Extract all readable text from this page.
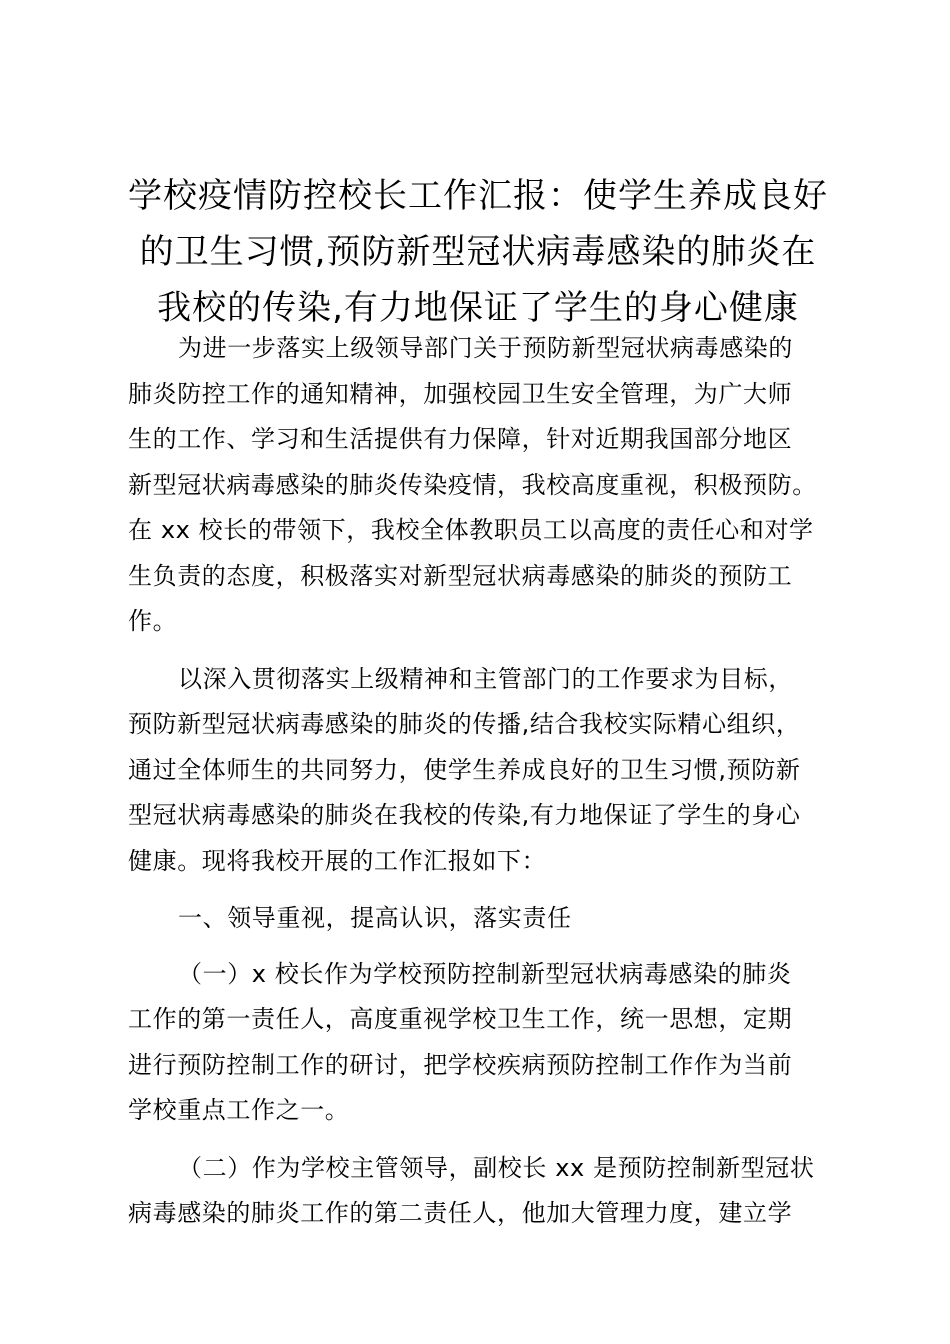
学校疫情防控校长工作汇报：使学生养成良好
的卫生习惯,预防新型冠状病毒感染的肺炎在
我校的传染,有力地保证了学生的身心健康

为进一步落实上级领导部门关于预防新型冠状病毒感染的
肺炎防控工作的通知精神，加强校园卫生安全管理，为广大师
生的工作、学习和生活提供有力保障，针对近期我国部分地区
新型冠状病毒感染的肺炎传染疫情，我校高度重视，积极预防。
在 xx 校长的带领下，我校全体教职员工以高度的责任心和对学
生负责的态度，积极落实对新型冠状病毒感染的肺炎的预防工
作。

以深入贯彻落实上级精神和主管部门的工作要求为目标，
预防新型冠状病毒感染的肺炎的传播,结合我校实际精心组织，
通过全体师生的共同努力，使学生养成良好的卫生习惯,预防新
型冠状病毒感染的肺炎在我校的传染,有力地保证了学生的身心
健康。现将我校开展的工作汇报如下：

一、领导重视，提高认识，落实责任

（一）x 校长作为学校预防控制新型冠状病毒感染的肺炎
工作的第一责任人，高度重视学校卫生工作，统一思想，定期
进行预防控制工作的研讨，把学校疾病预防控制工作作为当前
学校重点工作之一。

（二）作为学校主管领导，副校长 xx 是预防控制新型冠状
病毒感染的肺炎工作的第二责任人，他加大管理力度，建立学
